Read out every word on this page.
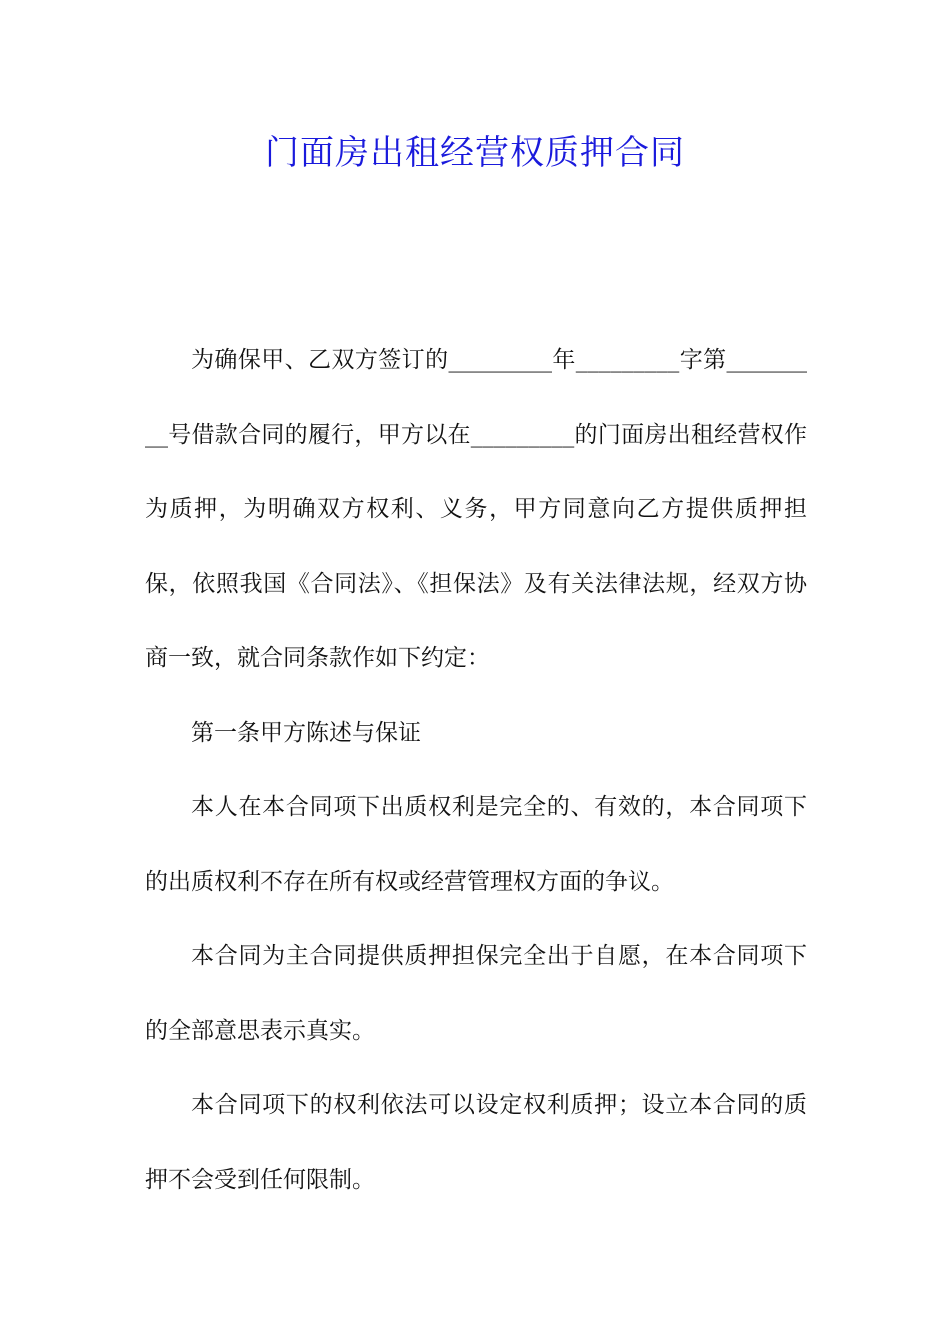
门面房出租经营权质押合同

为确保甲、乙双方签订的_________年_________字第_________号借款合同的履行，甲方以在_________的门面房出租经营权作为质押，为明确双方权利、义务，甲方同意向乙方提供质押担保，依照我国《合同法》、《担保法》及有关法律法规，经双方协商一致，就合同条款作如下约定：

第一条甲方陈述与保证

本人在本合同项下出质权利是完全的、有效的，本合同项下的出质权利不存在所有权或经营管理权方面的争议。

本合同为主合同提供质押担保完全出于自愿，在本合同项下的全部意思表示真实。

本合同项下的权利依法可以设定权利质押；设立本合同的质押不会受到任何限制。
